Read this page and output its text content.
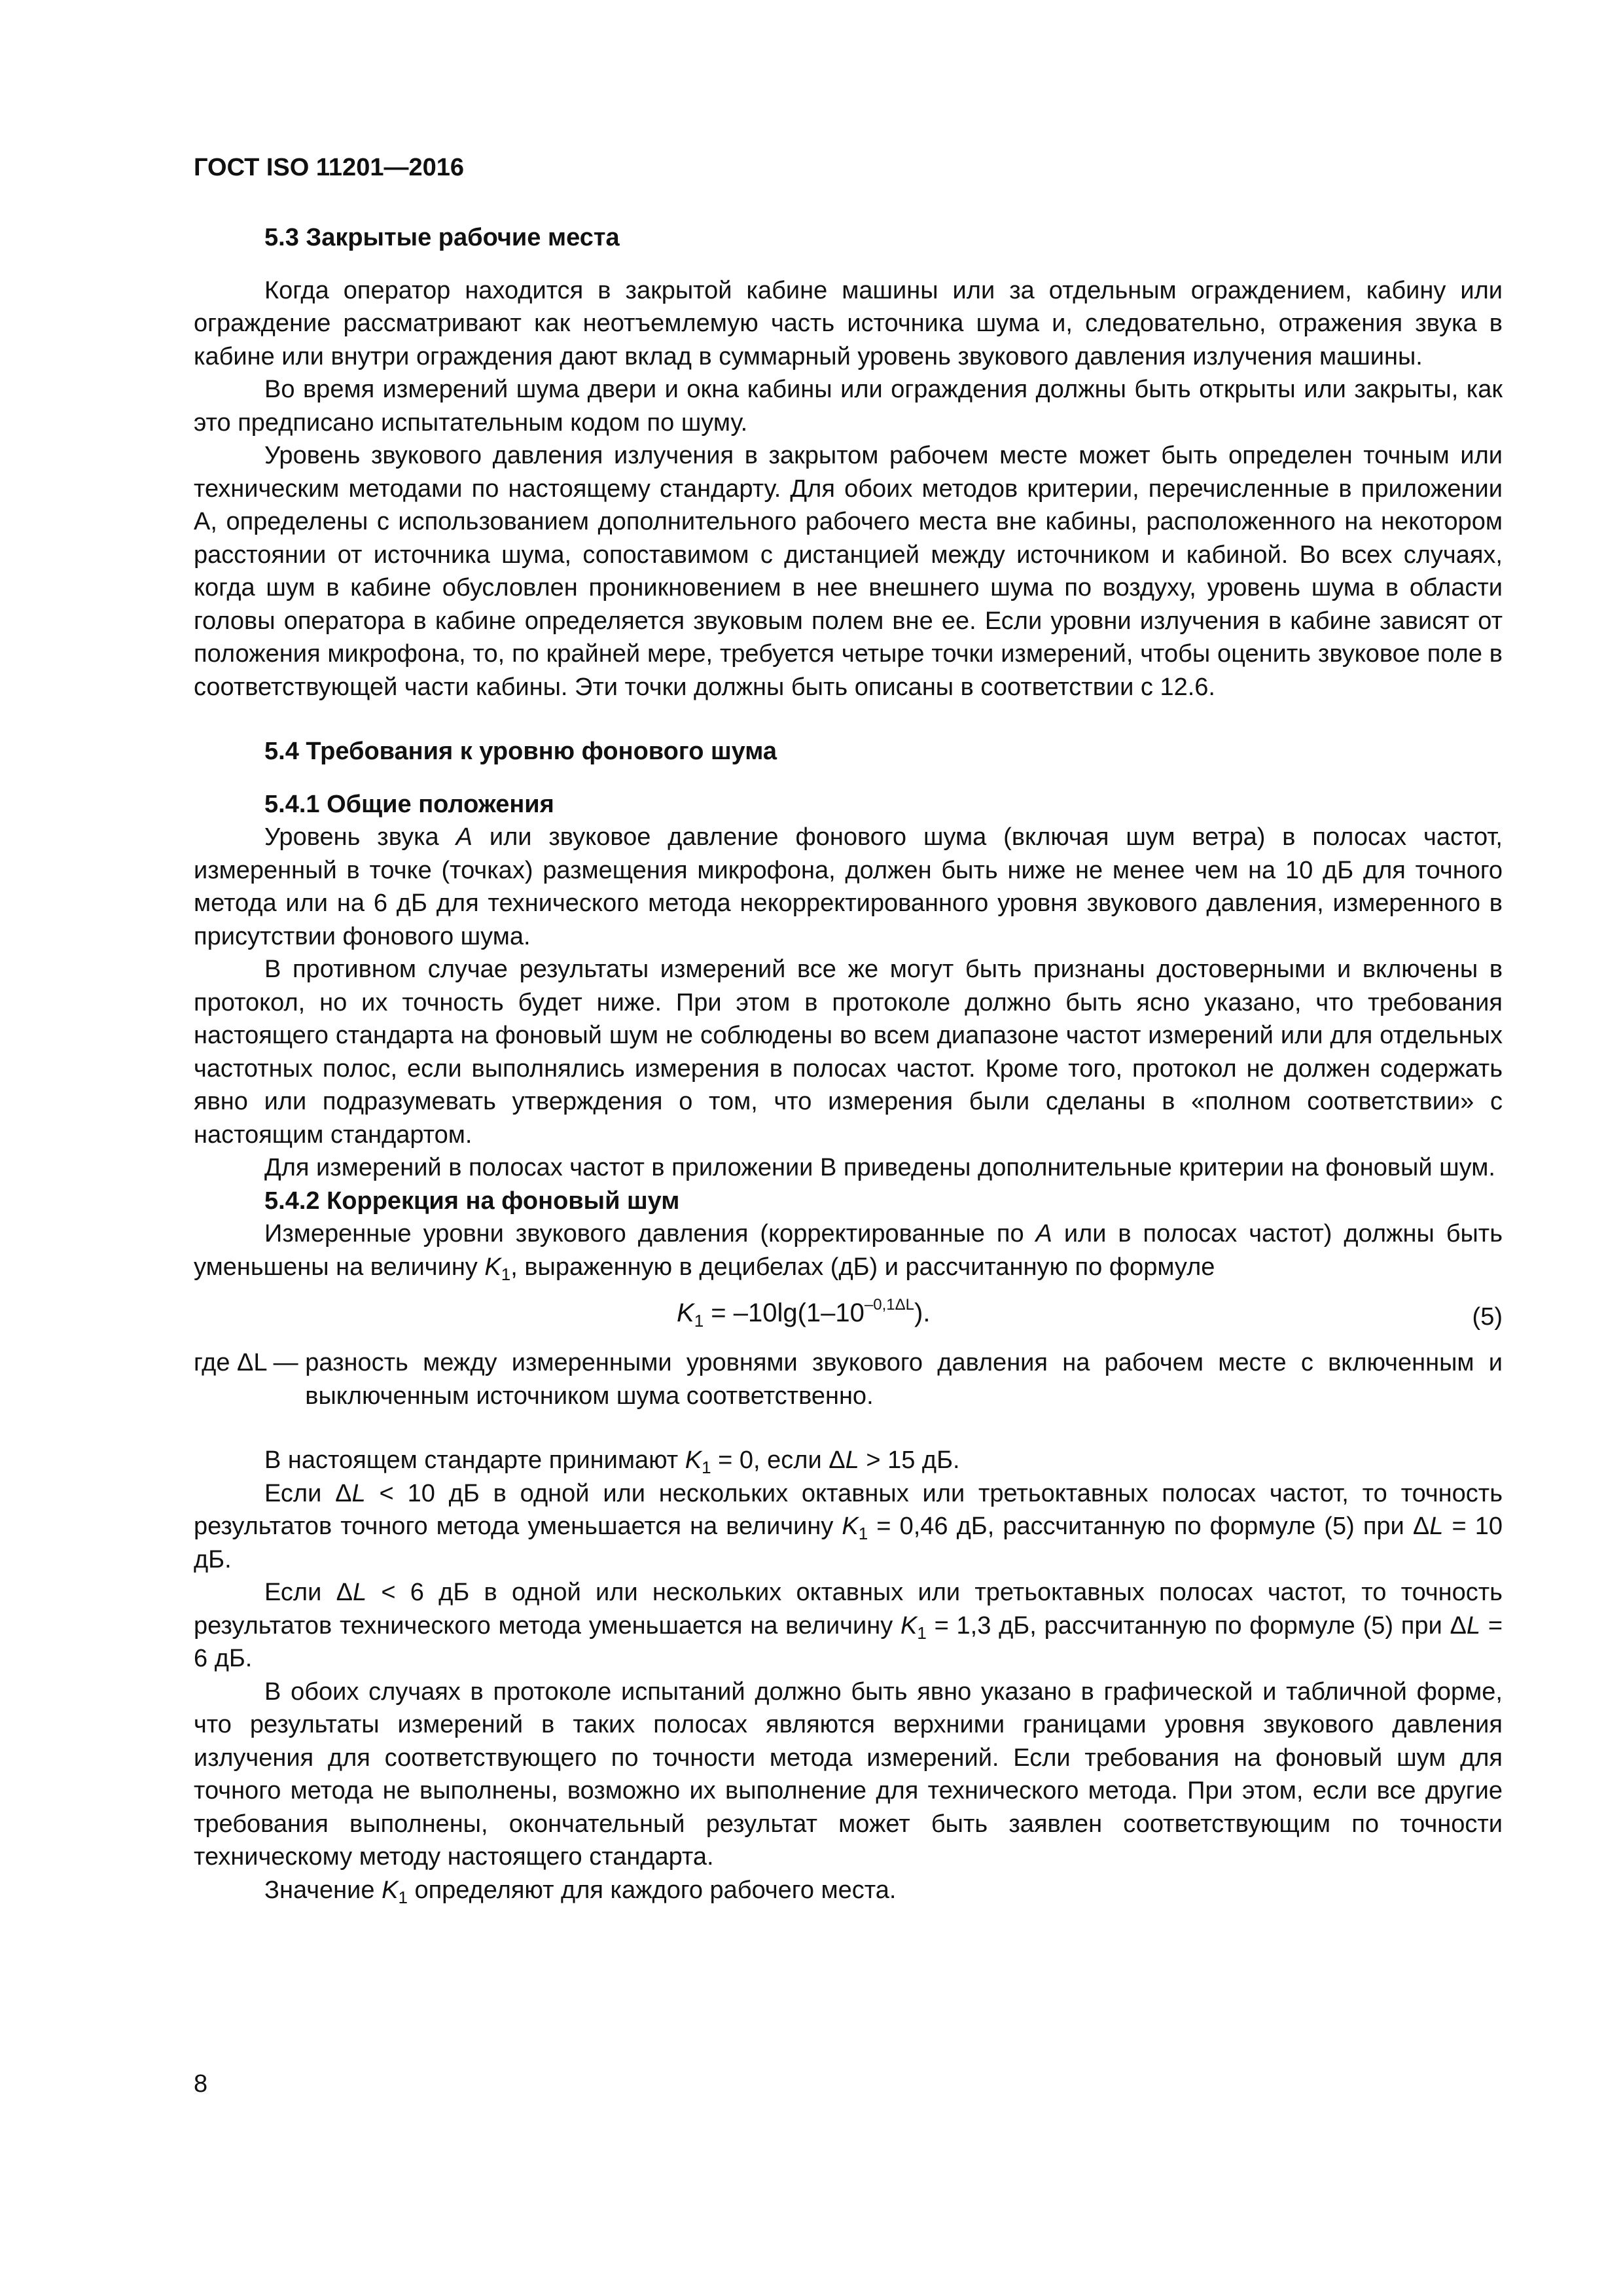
ГОСТ ISO 11201—2016
5.3 Закрытые рабочие места

Когда оператор находится в закрытой кабине машины или за отдельным ограждением, кабину или ограждение рассматривают как неотъемлемую часть источника шума и, следовательно, отражения звука в кабине или внутри ограждения дают вклад в суммарный уровень звукового давления излучения машины.

Во время измерений шума двери и окна кабины или ограждения должны быть открыты или закрыты, как это предписано испытательным кодом по шуму.

Уровень звукового давления излучения в закрытом рабочем месте может быть определен точным или техническим методами по настоящему стандарту. Для обоих методов критерии, перечисленные в приложении А, определены с использованием дополнительного рабочего места вне кабины, расположенного на некотором расстоянии от источника шума, сопоставимом с дистанцией между источником и кабиной. Во всех случаях, когда шум в кабине обусловлен проникновением в нее внешнего шума по воздуху, уровень шума в области головы оператора в кабине определяется звуковым полем вне ее. Если уровни излучения в кабине зависят от положения микрофона, то, по крайней мере, требуется четыре точки измерений, чтобы оценить звуковое поле в соответствующей части кабины. Эти точки должны быть описаны в соответствии с 12.6.

5.4 Требования к уровню фонового шума
5.4.1 Общие положения

Уровень звука А или звуковое давление фонового шума (включая шум ветра) в полосах частот, измеренный в точке (точках) размещения микрофона, должен быть ниже не менее чем на 10 дБ для точного метода или на 6 дБ для технического метода некорректированного уровня звукового давления, измеренного в присутствии фонового шума.

В противном случае результаты измерений все же могут быть признаны достоверными и включены в протокол, но их точность будет ниже. При этом в протоколе должно быть ясно указано, что требования настоящего стандарта на фоновый шум не соблюдены во всем диапазоне частот измерений или для отдельных частотных полос, если выполнялись измерения в полосах частот. Кроме того, протокол не должен содержать явно или подразумевать утверждения о том, что измерения были сделаны в «полном соответствии» с настоящим стандартом.

Для измерений в полосах частот в приложении В приведены дополнительные критерии на фоновый шум.

5.4.2 Коррекция на фоновый шум

Измеренные уровни звукового давления (корректированные по А или в полосах частот) должны быть уменьшены на величину $K_1$, выраженную в децибелах (дБ) и рассчитанную по формуле

$K_1 = -10\lg(1-10^{-0,1\Delta L})$.	(5)
где ΔL — разность между измеренными уровнями звукового давления на рабочем месте с включенным и выключенным источником шума соответственно.

В настоящем стандарте принимают $K_1 = 0$, если ΔL > 15 дБ.

Если ΔL < 10 дБ в одной или нескольких октавных или третьоктавных полосах частот, то точность результатов точного метода уменьшается на величину $K_1 = 0,46$ дБ, рассчитанную по формуле (5) при ΔL = 10 дБ.

Если ΔL < 6 дБ в одной или нескольких октавных или третьоктавных полосах частот, то точность результатов технического метода уменьшается на величину $K_1 = 1,3$ дБ, рассчитанную по формуле (5) при ΔL = 6 дБ.

В обоих случаях в протоколе испытаний должно быть явно указано в графической и табличной форме, что результаты измерений в таких полосах являются верхними границами уровня звукового давления излучения для соответствующего по точности метода измерений. Если требования на фоновый шум для точного метода не выполнены, возможно их выполнение для технического метода. При этом, если все другие требования выполнены, окончательный результат может быть заявлен соответствующим по точности техническому методу настоящего стандарта.

Значение $K_1$ определяют для каждого рабочего места.

8
